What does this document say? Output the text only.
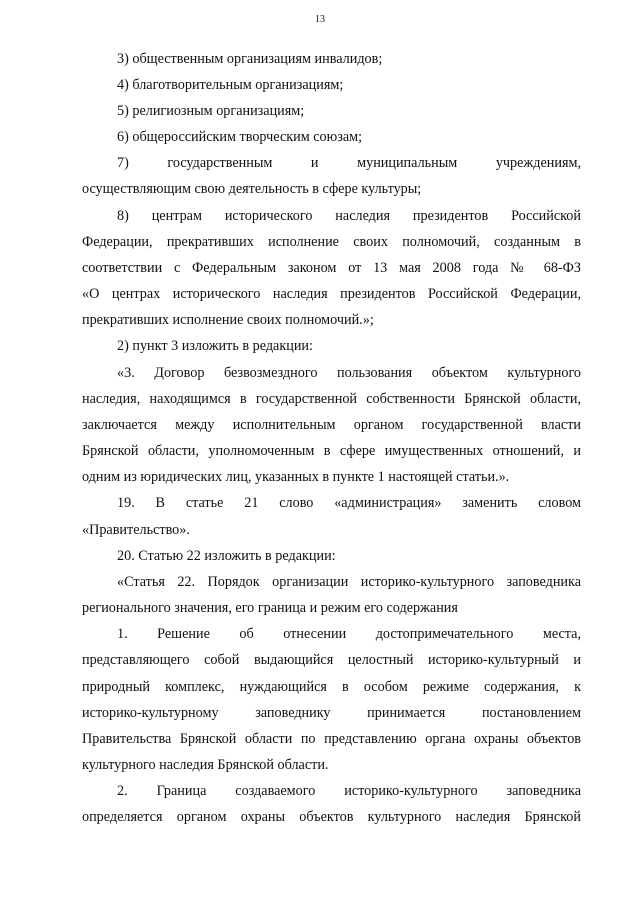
13
3) общественным организациям инвалидов;
4) благотворительным организациям;
5) религиозным организациям;
6) общероссийским творческим союзам;
7) государственным и муниципальным учреждениям,
осуществляющим свою деятельность в сфере культуры;
8) центрам исторического наследия президентов Российской
Федерации, прекративших исполнение своих полномочий, созданным в
соответствии с Федеральным законом от 13 мая 2008 года № 68-ФЗ
«О центрах исторического наследия президентов Российской Федерации,
прекративших исполнение своих полномочий.»;
2) пункт 3 изложить в редакции:
«3. Договор безвозмездного пользования объектом культурного
наследия, находящимся в государственной собственности Брянской области,
заключается между исполнительным органом государственной власти
Брянской области, уполномоченным в сфере имущественных отношений, и
одним из юридических лиц, указанных в пункте 1 настоящей статьи.».
19. В статье 21 слово «администрация» заменить словом
«Правительство».
20. Статью 22 изложить в редакции:
«Статья 22. Порядок организации историко-культурного заповедника
регионального значения, его граница и режим его содержания
1. Решение об отнесении достопримечательного места,
представляющего собой выдающийся целостный историко-культурный и
природный комплекс, нуждающийся в особом режиме содержания, к
историко-культурному заповеднику принимается постановлением
Правительства Брянской области по представлению органа охраны объектов
культурного наследия Брянской области.
2. Граница создаваемого историко-культурного заповедника
определяется органом охраны объектов культурного наследия Брянской
